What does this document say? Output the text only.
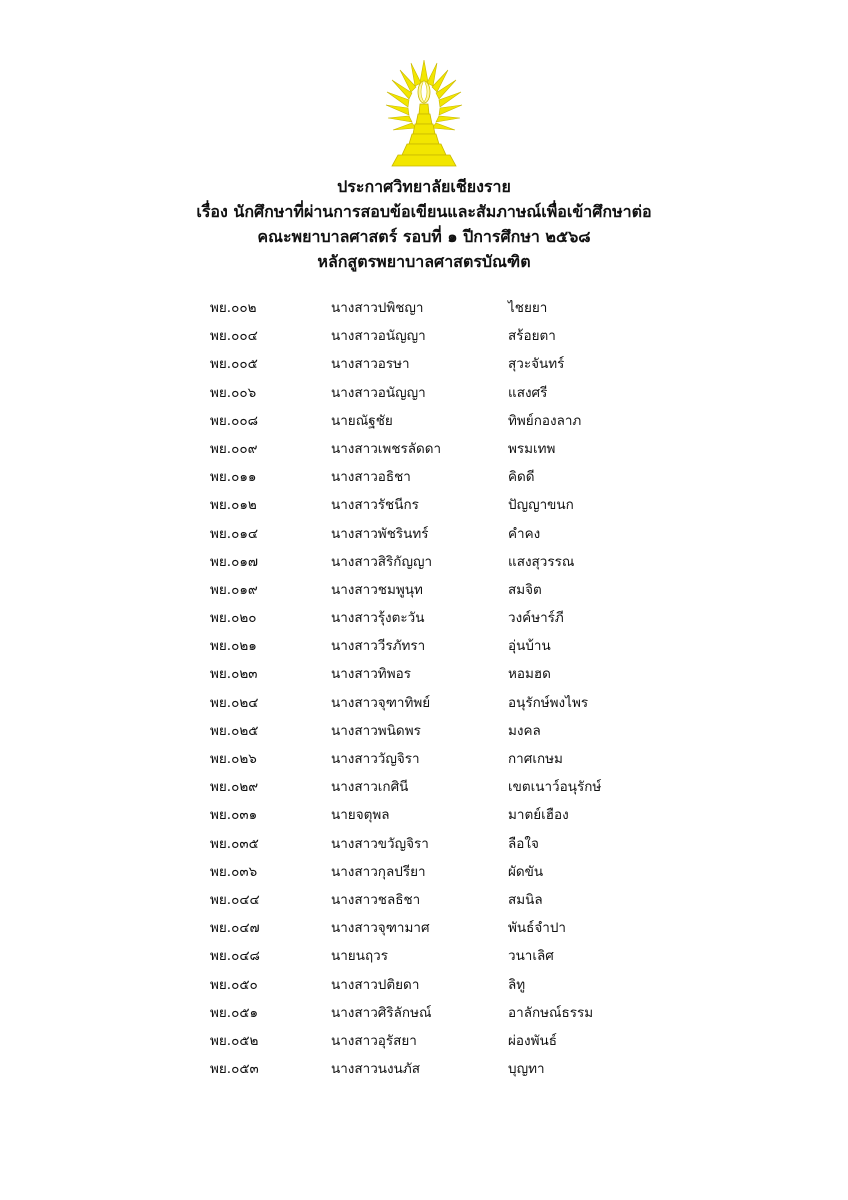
ประกาศวิทยาลัยเชียงราย
เรื่อง นักศึกษาที่ผ่านการสอบข้อเขียนและสัมภาษณ์เพื่อเข้าศึกษาต่อ
คณะพยาบาลศาสตร์ รอบที่ ๑ ปีการศึกษา ๒๕๖๘
หลักสูตรพยาบาลศาสตรบัณฑิต
พย.๐๐๒	นางสาวปพิชญา	ไชยยา
พย.๐๐๔	นางสาวอนัญญา	สร้อยตา
พย.๐๐๕	นางสาวอรษา	สุวะจันทร์
พย.๐๐๖	นางสาวอนัญญา	แสงศรี
พย.๐๐๘	นายณัฐชัย	ทิพย์กองลาภ
พย.๐๐๙	นางสาวเพชรลัดดา	พรมเทพ
พย.๐๑๑	นางสาวอธิชา	คิดดี
พย.๐๑๒	นางสาวรัชนีกร	ปัญญาขนก
พย.๐๑๔	นางสาวพัชรินทร์	คำคง
พย.๐๑๗	นางสาวสิริกัญญา	แสงสุวรรณ
พย.๐๑๙	นางสาวชมพูนุท	สมจิต
พย.๐๒๐	นางสาวรุ้งตะวัน	วงค์ษาร์ภี
พย.๐๒๑	นางสาววีรภัทรา	อุ่นบ้าน
พย.๐๒๓	นางสาวทิพอร	หอมฮด
พย.๐๒๔	นางสาวจุฑาทิพย์	อนุรักษ์พงไพร
พย.๐๒๕	นางสาวพนิดพร	มงคล
พย.๐๒๖	นางสาววัญจิรา	กาศเกษม
พย.๐๒๙	นางสาวเกศินี	เขตเนาว์อนุรักษ์
พย.๐๓๑	นายจตุพล	มาตย์เฮือง
พย.๐๓๕	นางสาวขวัญจิรา	ลือใจ
พย.๐๓๖	นางสาวกุลปรียา	ผัดขัน
พย.๐๔๔	นางสาวชลธิชา	สมนิล
พย.๐๔๗	นางสาวจุฑามาศ	พันธ์จำปา
พย.๐๔๘	นายนฤวร	วนาเลิศ
พย.๐๕๐	นางสาวปติยดา	ลิทู
พย.๐๕๑	นางสาวศิริลักษณ์	อาลักษณ์ธรรม
พย.๐๕๒	นางสาวอุรัสยา	ผ่องพันธ์
พย.๐๕๓	นางสาวนงนภัส	บุญทา
